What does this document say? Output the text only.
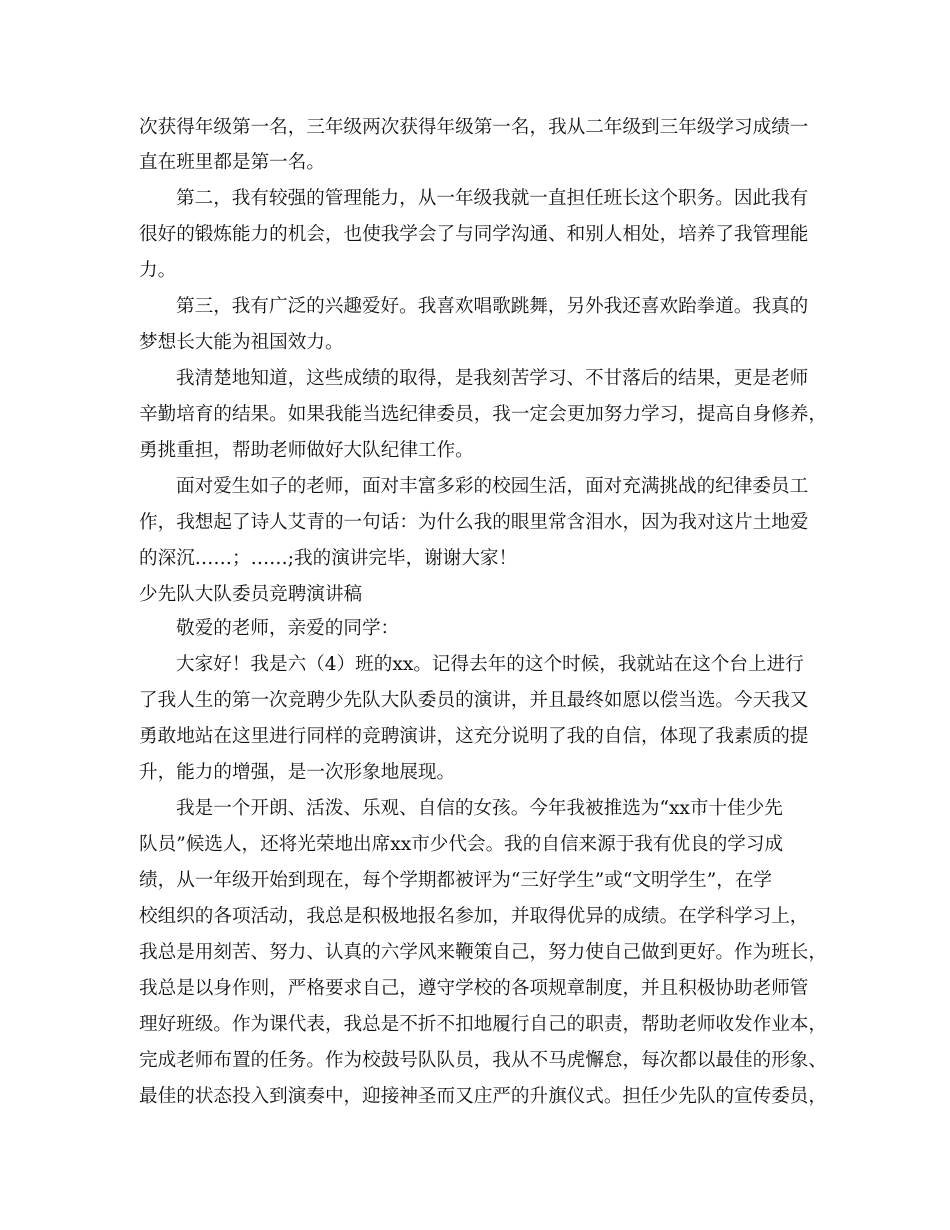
次获得年级第一名，三年级两次获得年级第一名，我从二年级到三年级学习成绩一
直在班里都是第一名。
第二，我有较强的管理能力，从一年级我就一直担任班长这个职务。因此我有
很好的锻炼能力的机会，也使我学会了与同学沟通、和别人相处，培养了我管理能
力。
第三，我有广泛的兴趣爱好。我喜欢唱歌跳舞，另外我还喜欢跆拳道。我真的
梦想长大能为祖国效力。
我清楚地知道，这些成绩的取得，是我刻苦学习、不甘落后的结果，更是老师
辛勤培育的结果。如果我能当选纪律委员，我一定会更加努力学习，提高自身修养，
勇挑重担，帮助老师做好大队纪律工作。
面对爱生如子的老师，面对丰富多彩的校园生活，面对充满挑战的纪律委员工
作，我想起了诗人艾青的一句话：为什么我的眼里常含泪水，因为我对这片土地爱
的深沉……；……;我的演讲完毕，谢谢大家！
少先队大队委员竞聘演讲稿
敬爱的老师，亲爱的同学：
大家好！我是六（4）班的xx。记得去年的这个时候，我就站在这个台上进行
了我人生的第一次竞聘少先队大队委员的演讲，并且最终如愿以偿当选。今天我又
勇敢地站在这里进行同样的竞聘演讲，这充分说明了我的自信，体现了我素质的提
升，能力的增强，是一次形象地展现。
我是一个开朗、活泼、乐观、自信的女孩。今年我被推选为“xx市十佳少先
队员”候选人，还将光荣地出席xx市少代会。我的自信来源于我有优良的学习成
绩，从一年级开始到现在，每个学期都被评为“三好学生”或“文明学生”，在学
校组织的各项活动，我总是积极地报名参加，并取得优异的成绩。在学科学习上，
我总是用刻苦、努力、认真的六学风来鞭策自己，努力使自己做到更好。作为班长，
我总是以身作则，严格要求自己，遵守学校的各项规章制度，并且积极协助老师管
理好班级。作为课代表，我总是不折不扣地履行自己的职责，帮助老师收发作业本，
完成老师布置的任务。作为校鼓号队队员，我从不马虎懈怠，每次都以最佳的形象、
最佳的状态投入到演奏中，迎接神圣而又庄严的升旗仪式。担任少先队的宣传委员，
